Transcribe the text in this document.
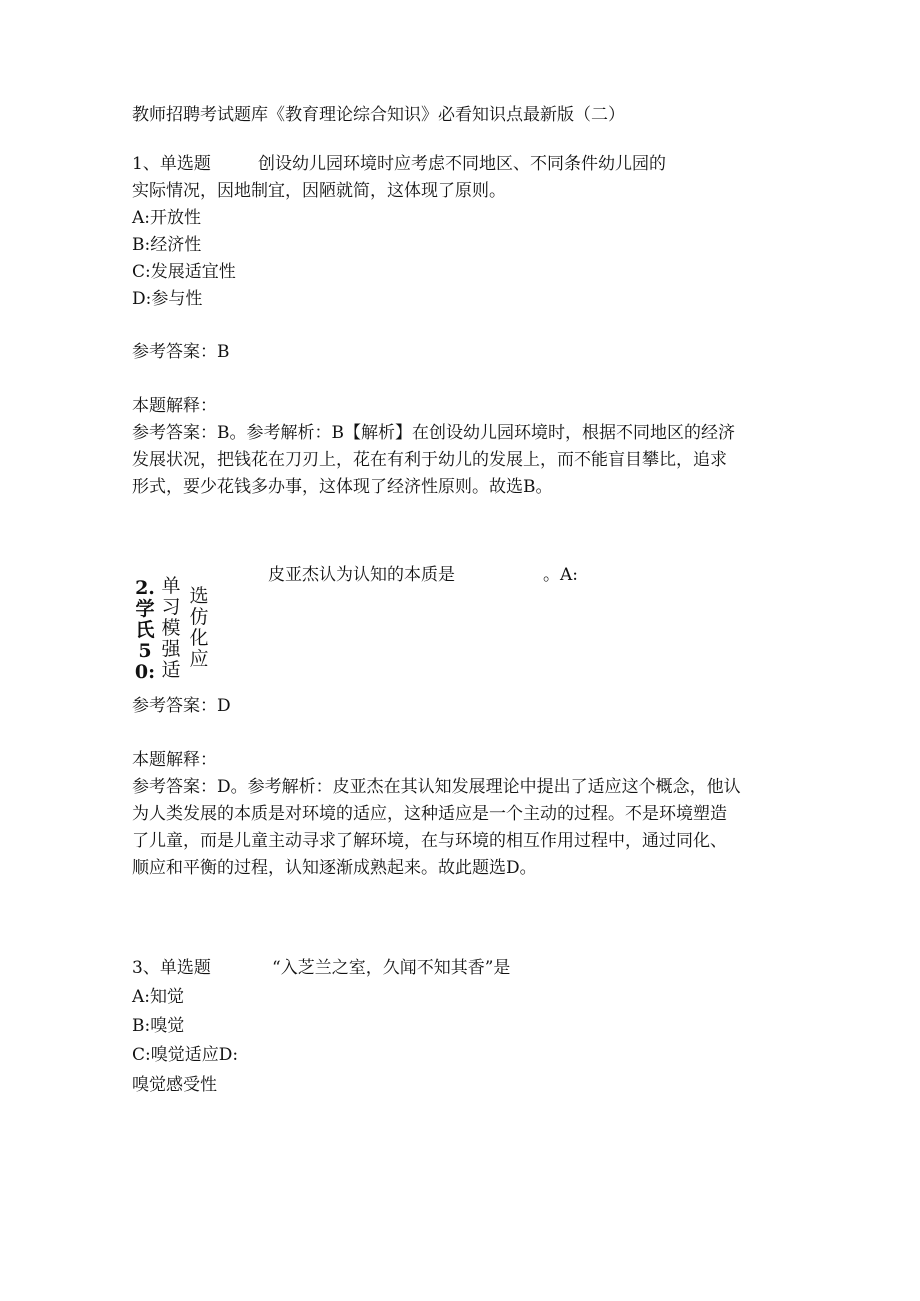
教师招聘考试题库《教育理论综合知识》必看知识点最新版（二）
1、单选题	创设幼儿园环境时应考虑不同地区、不同条件幼儿园的
实际情况，因地制宜，因陋就简，这体现了原则。
A:开放性
B:经济性
C:发展适宜性
D:参与性
参考答案：B
本题解释：
参考答案：B。参考解析：B【解析】在创设幼儿园环境时，根据不同地区的经济
发展状况，把钱花在刀刃上，花在有利于幼儿的发展上，而不能盲目攀比，追求
形式，要少花钱多办事，这体现了经济性原则。故选B。
皮亚杰认为认知的本质是	。A:
2.学氏50:
单习模强适
选仿化应
参考答案：D
本题解释：
参考答案：D。参考解析：皮亚杰在其认知发展理论中提出了适应这个概念，他认
为人类发展的本质是对环境的适应，这种适应是一个主动的过程。不是环境塑造
了儿童，而是儿童主动寻求了解环境，在与环境的相互作用过程中，通过同化、
顺应和平衡的过程，认知逐渐成熟起来。故此题选D。
3、单选题	“入芝兰之室，久闻不知其香”是
A:知觉
B:嗅觉
C:嗅觉适应D:
嗅觉感受性
